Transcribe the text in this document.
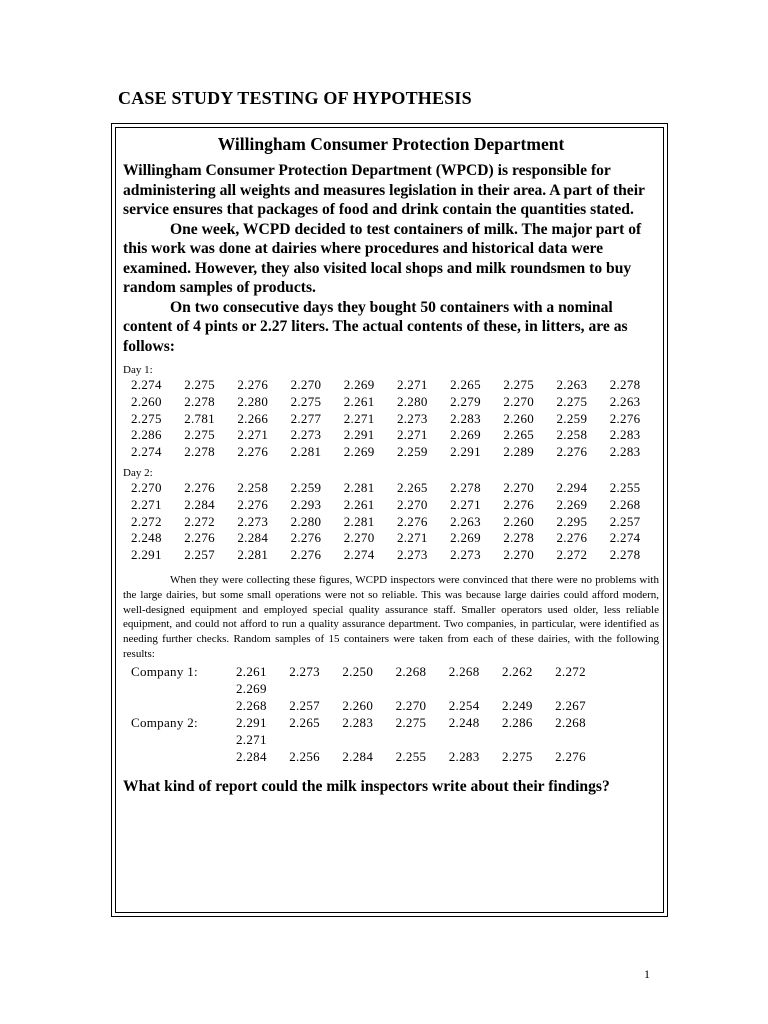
CASE STUDY TESTING OF HYPOTHESIS
Willingham Consumer Protection Department

Willingham Consumer Protection Department (WPCD) is responsible for administering all weights and measures legislation in their area. A part of their service ensures that packages of food and drink contain the quantities stated.

One week, WCPD decided to test containers of milk. The major part of this work was done at dairies where procedures and historical data were examined. However, they also visited local shops and milk roundsmen to buy random samples of products.

On two consecutive days they bought 50 containers with a nominal content of 4 pints or 2.27 liters. The actual contents of these, in litters, are as follows:

Day 1:
2.274	2.275	2.276	2.270	2.269	2.271	2.265	2.275	2.263	2.278
2.260	2.278	2.280	2.275	2.261	2.280	2.279	2.270	2.275	2.263
2.275	2.781	2.266	2.277	2.271	2.273	2.283	2.260	2.259	2.276
2.286	2.275	2.271	2.273	2.291	2.271	2.269	2.265	2.258	2.283
2.274	2.278	2.276	2.281	2.269	2.259	2.291	2.289	2.276	2.283
Day 2:
2.270	2.276	2.258	2.259	2.281	2.265	2.278	2.270	2.294	2.255
2.271	2.284	2.276	2.293	2.261	2.270	2.271	2.276	2.269	2.268
2.272	2.272	2.273	2.280	2.281	2.276	2.263	2.260	2.295	2.257
2.248	2.276	2.284	2.276	2.270	2.271	2.269	2.278	2.276	2.274
2.291	2.257	2.281	2.276	2.274	2.273	2.273	2.270	2.272	2.278
When they were collecting these figures, WCPD inspectors were convinced that there were no problems with the large dairies, but some small operations were not so reliable. This was because large dairies could afford modern, well-designed equipment and employed special quality assurance staff. Smaller operators used older, less reliable equipment, and could not afford to run a quality assurance department. Two companies, in particular, were identified as needing further checks. Random samples of 15 containers were taken from each of these dairies, with the following results:
Company 1:	2.261	2.273	2.250	2.268	2.268	2.262	2.272
2.269
2.268	2.257	2.260	2.270	2.254	2.249	2.267
Company 2:	2.291	2.265	2.283	2.275	2.248	2.286	2.268
2.271
2.284	2.256	2.284	2.255	2.283	2.275	2.276
What kind of report could the milk inspectors write about their findings?
1
